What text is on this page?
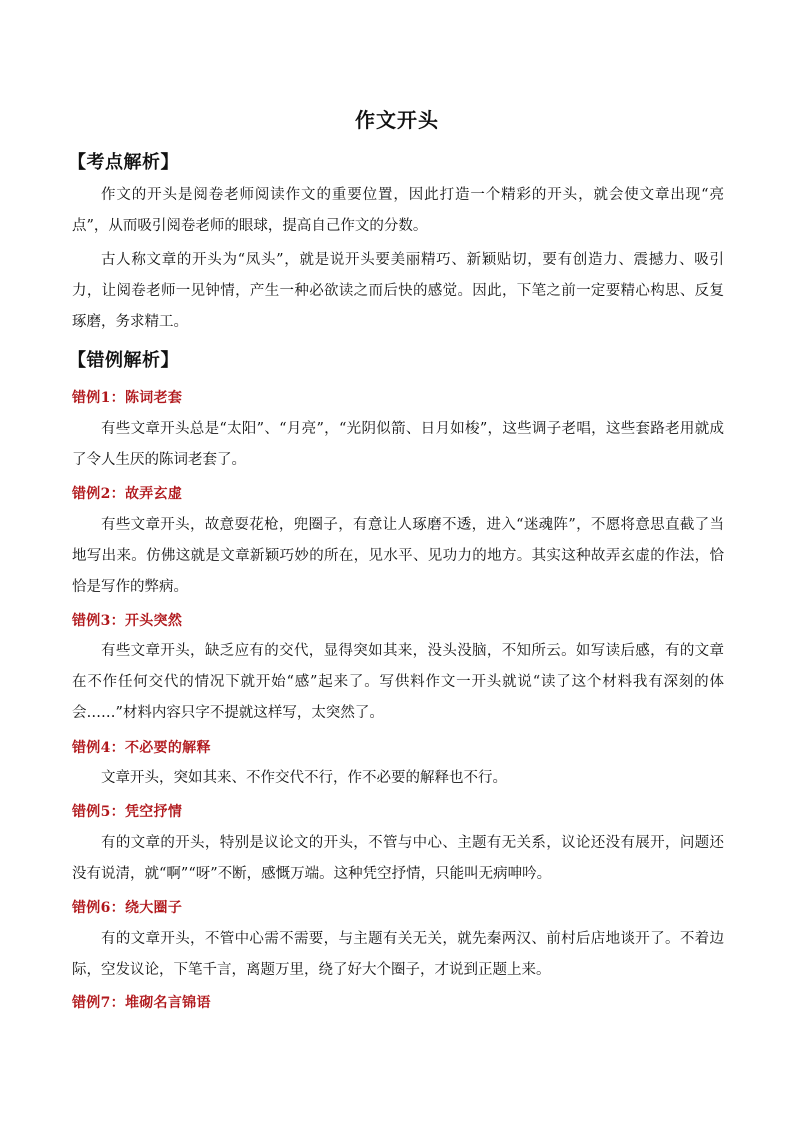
作文开头
【考点解析】

作文的开头是阅卷老师阅读作文的重要位置，因此打造一个精彩的开头，就会使文章出现“亮点”，从而吸引阅卷老师的眼球，提高自己作文的分数。

古人称文章的开头为“凤头”，就是说开头要美丽精巧、新颖贴切，要有创造力、震撼力、吸引力，让阅卷老师一见钟情，产生一种必欲读之而后快的感觉。因此，下笔之前一定要精心构思、反复琢磨，务求精工。

【错例解析】
错例1：陈词老套

有些文章开头总是“太阳”、“月亮”，“光阴似箭、日月如梭”，这些调子老唱，这些套路老用就成了令人生厌的陈词老套了。

错例2：故弄玄虚

有些文章开头，故意耍花枪，兜圈子，有意让人琢磨不透，进入“迷魂阵”，不愿将意思直截了当地写出来。仿佛这就是文章新颖巧妙的所在，见水平、见功力的地方。其实这种故弄玄虚的作法，恰恰是写作的弊病。

错例3：开头突然

有些文章开头，缺乏应有的交代，显得突如其来，没头没脑，不知所云。如写读后感，有的文章在不作任何交代的情况下就开始“感”起来了。写供料作文一开头就说“读了这个材料我有深刻的体会……”材料内容只字不提就这样写，太突然了。

错例4：不必要的解释

文章开头，突如其来、不作交代不行，作不必要的解释也不行。

错例5：凭空抒情

有的文章的开头，特别是议论文的开头，不管与中心、主题有无关系，议论还没有展开，问题还没有说清，就“啊”“呀”不断，感慨万端。这种凭空抒情，只能叫无病呻吟。

错例6：绕大圈子

有的文章开头，不管中心需不需要，与主题有关无关，就先秦两汉、前村后店地谈开了。不着边际，空发议论，下笔千言，离题万里，绕了好大个圈子，才说到正题上来。

错例7：堆砌名言锦语
